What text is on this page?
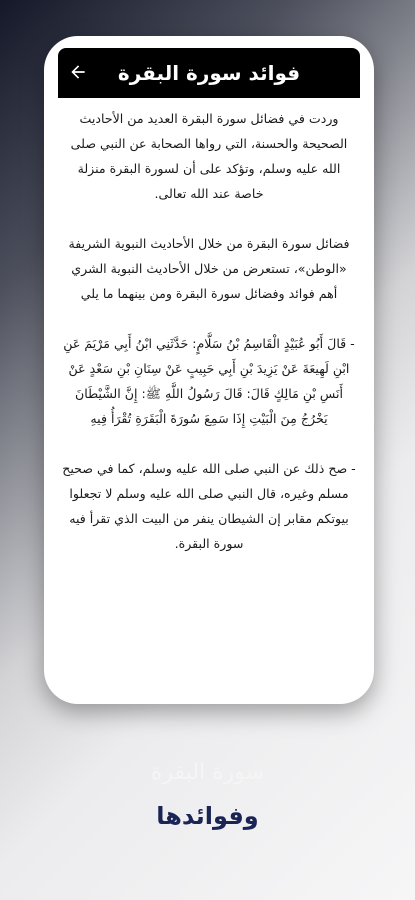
فوائد سورة البقرة

وردت في فضائل سورة البقرة العديد من الأحاديث الصحيحة والحسنة، التي رواها الصحابة عن النبي صلى الله عليه وسلم، وتؤكد على أن لسورة البقرة منزلة خاصة عند الله تعالى.

فضائل سورة البقرة من خلال الأحاديث النبوية الشريفة

«الوطن»، تستعرض من خلال الأحاديث النبوية الشري أهم فوائد وفضائل سورة البقرة ومن بينهما ما يلي

- قَالَ أَبُو عُبَيْدٍ الْقَاسِمُ بْنُ سَلَّامٍ: حَدَّثَنِي ابْنُ أَبِي مَرْيَمَ عَنِ ابْنِ لَهِيعَةَ عَنْ يَزِيدَ بْنِ أَبِي حَبِيبٍ عَنْ سِنَانِ بْنِ سَعْدٍ عَنْ أَنَسِ بْنِ مَالِكٍ قَالَ: قَالَ رَسُولُ اللَّهِ ﷺ: إِنَّ الشَّيْطَانَ يَخْرُجُ مِنَ الْبَيْتِ إِذَا سَمِعَ سُورَةَ الْبَقَرَةِ تُقْرَأُ فِيهِ

- صح ذلك عن النبي صلى الله عليه وسلم، كما في صحيح مسلم وغيره، قال النبي صلى الله عليه وسلم لا تجعلوا بيوتكم مقابر إن الشيطان ينفر من البيت الذي تقرأ فيه سورة البقرة.

سورة البقرة
وفوائدها
